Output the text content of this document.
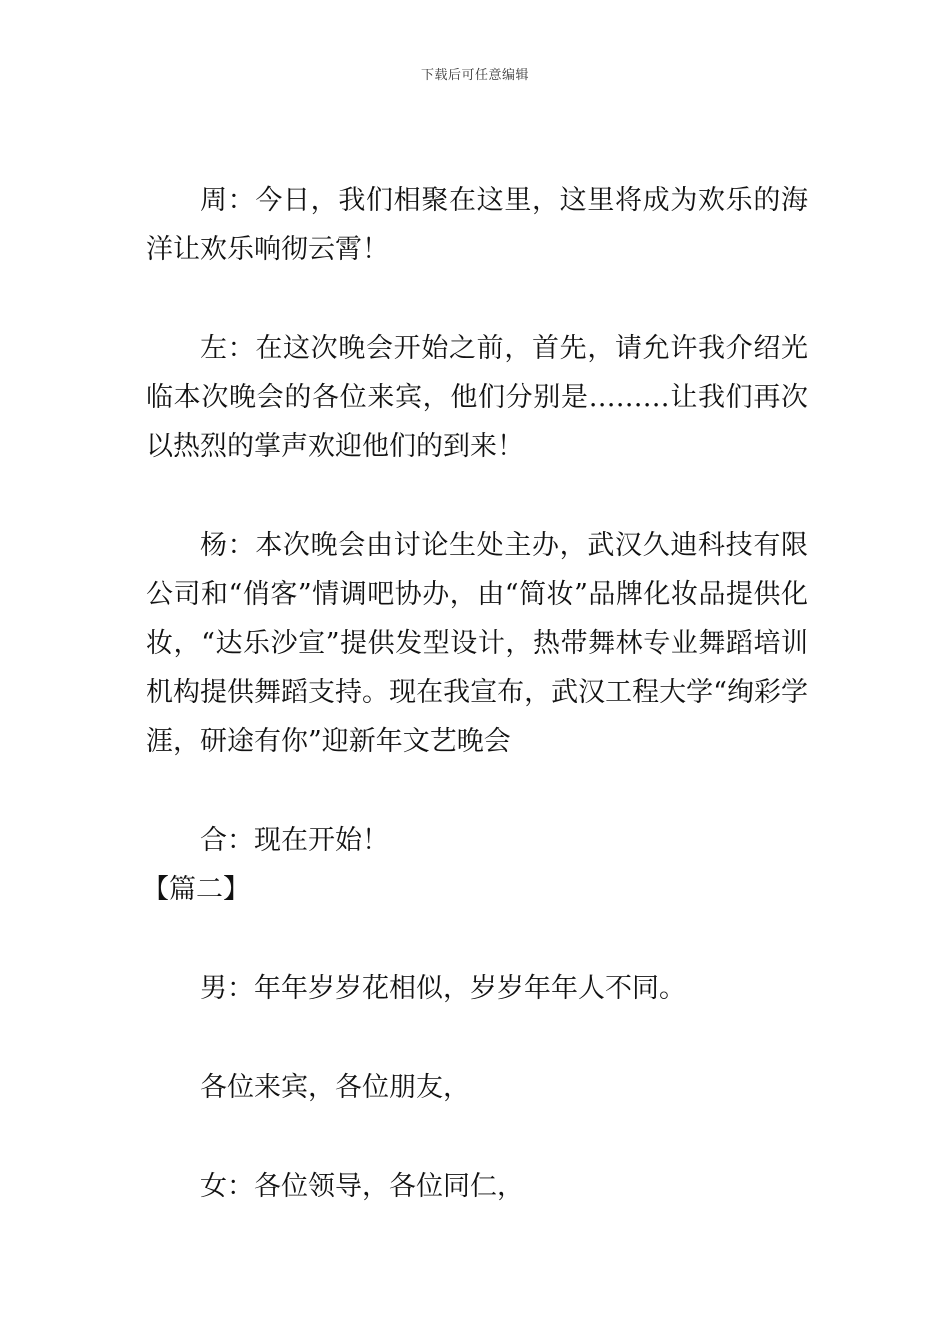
下载后可任意编辑

周：今日，我们相聚在这里，这里将成为欢乐的海洋让欢乐响彻云霄！

左：在这次晚会开始之前，首先，请允许我介绍光临本次晚会的各位来宾，他们分别是………让我们再次以热烈的掌声欢迎他们的到来！

杨：本次晚会由讨论生处主办，武汉久迪科技有限公司和“俏客”情调吧协办，由“简妆”品牌化妆品提供化妆，“达乐沙宣”提供发型设计，热带舞林专业舞蹈培训机构提供舞蹈支持。现在我宣布，武汉工程大学“绚彩学涯，研途有你”迎新年文艺晚会

合：现在开始！

【篇二】

男：年年岁岁花相似，岁岁年年人不同。

各位来宾，各位朋友，

女：各位领导，各位同仁，
